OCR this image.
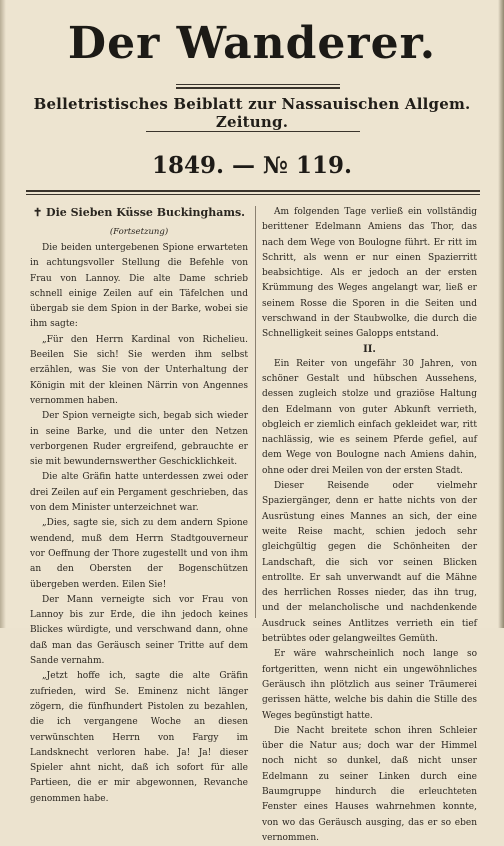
Der Wanderer.
Belletristisches Beiblatt zur Nassauischen Allgem. Zeitung.
1849. — № 119.
✝ Die Sieben Küsse Buckinghams.
(Fortsetzung)

Die beiden untergebenen Spione erwarteten in achtungsvoller Stellung die Befehle von Frau von Lannoy. Die alte Dame schrieb schnell einige Zeilen auf ein Täfelchen und übergab sie dem Spion in der Barke, wobei sie ihm sagte:

„Für den Herrn Kardinal von Richelieu. Beeilen Sie sich! Sie werden ihm selbst erzählen, was Sie von der Unterhaltung der Königin mit der kleinen Närrin von Angennes vernommen haben.

Der Spion verneigte sich, begab sich wieder in seine Barke, und die unter den Netzen verborgenen Ruder ergreifend, gebrauchte er sie mit bewundernswerther Geschicklichkeit.

Die alte Gräfin hatte unterdessen zwei oder drei Zeilen auf ein Pergament geschrieben, das von dem Minister unterzeichnet war.

„Dies, sagte sie, sich zu dem andern Spione wendend, muß dem Herrn Stadtgouverneur vor Oeffnung der Thore zugestellt und von ihm an den Obersten der Bogenschützen übergeben werden. Eilen Sie!

Der Mann verneigte sich vor Frau von Lannoy bis zur Erde, die ihn jedoch keines Blickes würdigte, und verschwand dann, ohne daß man das Geräusch seiner Tritte auf dem Sande vernahm.

„Jetzt hoffe ich, sagte die alte Gräfin zufrieden, wird Se. Eminenz nicht länger zögern, die fünfhundert Pistolen zu bezahlen, die ich vergangene Woche an diesen verwünschten Herrn von Fargy im Landsknecht verloren habe. Ja! Ja! dieser Spieler ahnt nicht, daß ich sofort für alle Partieen, die er mir abgewonnen, Revanche genommen habe.

Am folgenden Tage verließ ein vollständig berittener Edelmann Amiens das Thor, das nach dem Wege von Boulogne führt. Er ritt im Schritt, als wenn er nur einen Spazierritt beabsichtige. Als er jedoch an der ersten Krümmung des Weges angelangt war, ließ er seinem Rosse die Sporen in die Seiten und verschwand in der Staubwolke, die durch die Schnelligkeit seines Galopps entstand.

II.

Ein Reiter von ungefähr 30 Jahren, von schöner Gestalt und hübschen Aussehens, dessen zugleich stolze und graziöse Haltung den Edelmann von guter Abkunft verrieth, obgleich er ziemlich einfach gekleidet war, ritt nachlässig, wie es seinem Pferde gefiel, auf dem Wege von Boulogne nach Amiens dahin, ohne oder drei Meilen von der ersten Stadt.

Dieser Reisende oder vielmehr Spaziergänger, denn er hatte nichts von der Ausrüstung eines Mannes an sich, der eine weite Reise macht, schien jedoch sehr gleichgültig gegen die Schönheiten der Landschaft, die sich vor seinen Blicken entrollte. Er sah unverwandt auf die Mähne des herrlichen Rosses nieder, das ihn trug, und der melancholische und nachdenkende Ausdruck seines Antlitzes verrieth ein tief betrübtes oder gelangweiltes Gemüth.

Er wäre wahrscheinlich noch lange so fortgeritten, wenn nicht ein ungewöhnliches Geräusch ihn plötzlich aus seiner Träumerei gerissen hätte, welche bis dahin die Stille des Weges begünstigt hatte.

Die Nacht breitete schon ihren Schleier über die Natur aus; doch war der Himmel noch nicht so dunkel, daß nicht unser Edelmann zu seiner Linken durch eine Baumgruppe hindurch die erleuchteten Fenster eines Hauses wahrnehmen konnte, von wo das Geräusch ausging, das er so eben vernommen.
